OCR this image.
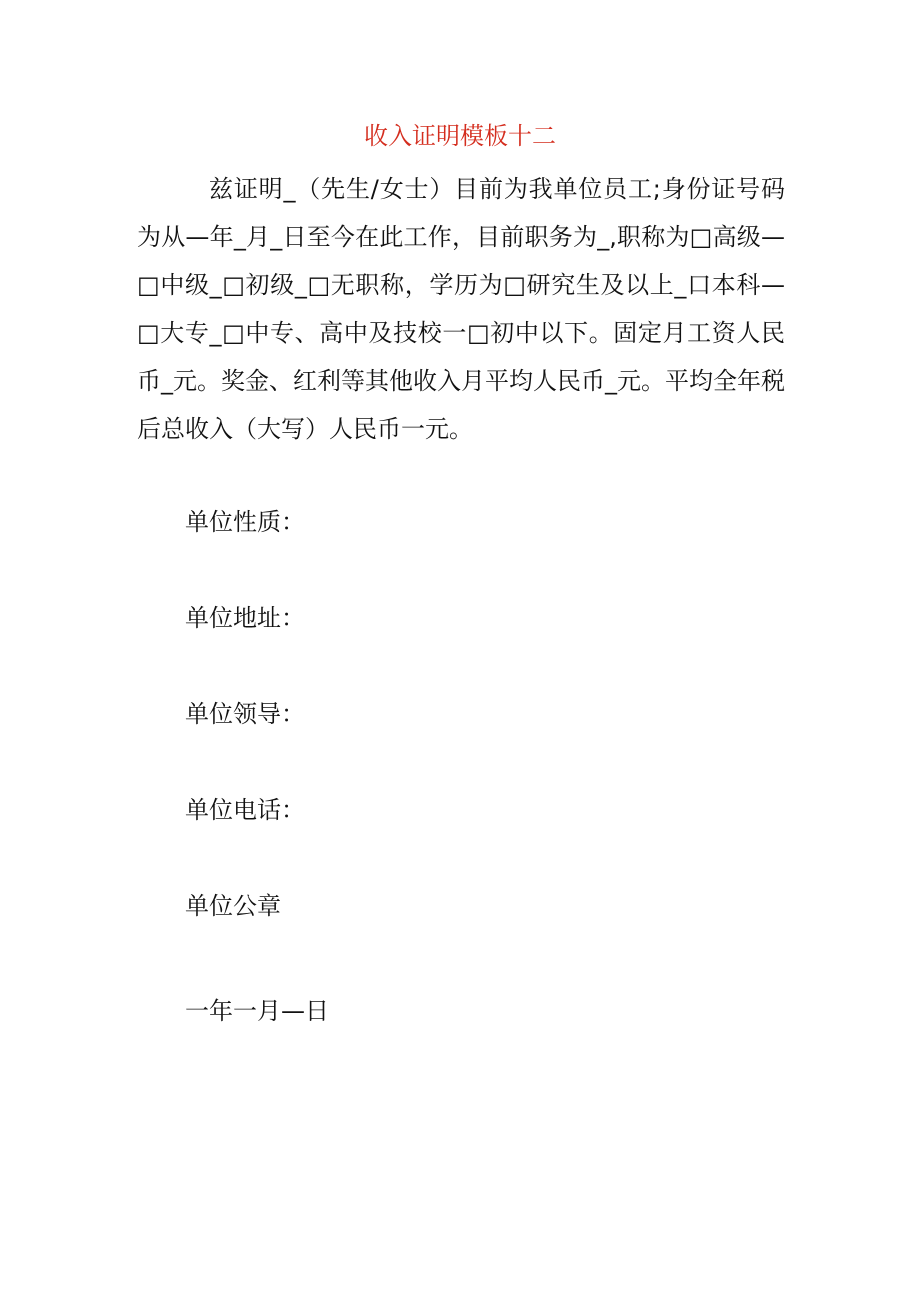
收入证明模板十二

兹证明_（先生/女士）目前为我单位员工;身份证号码为从—年_月_日至今在此工作，目前职务为_,职称为□高级—□中级_□初级_□无职称，学历为□研究生及以上_口本科—□大专_□中专、高中及技校一□初中以下。固定月工资人民币_元。奖金、红利等其他收入月平均人民币_元。平均全年税后总收入（大写）人民币一元。

单位性质：
单位地址：
单位领导：
单位电话：
单位公章
一年一月—日
